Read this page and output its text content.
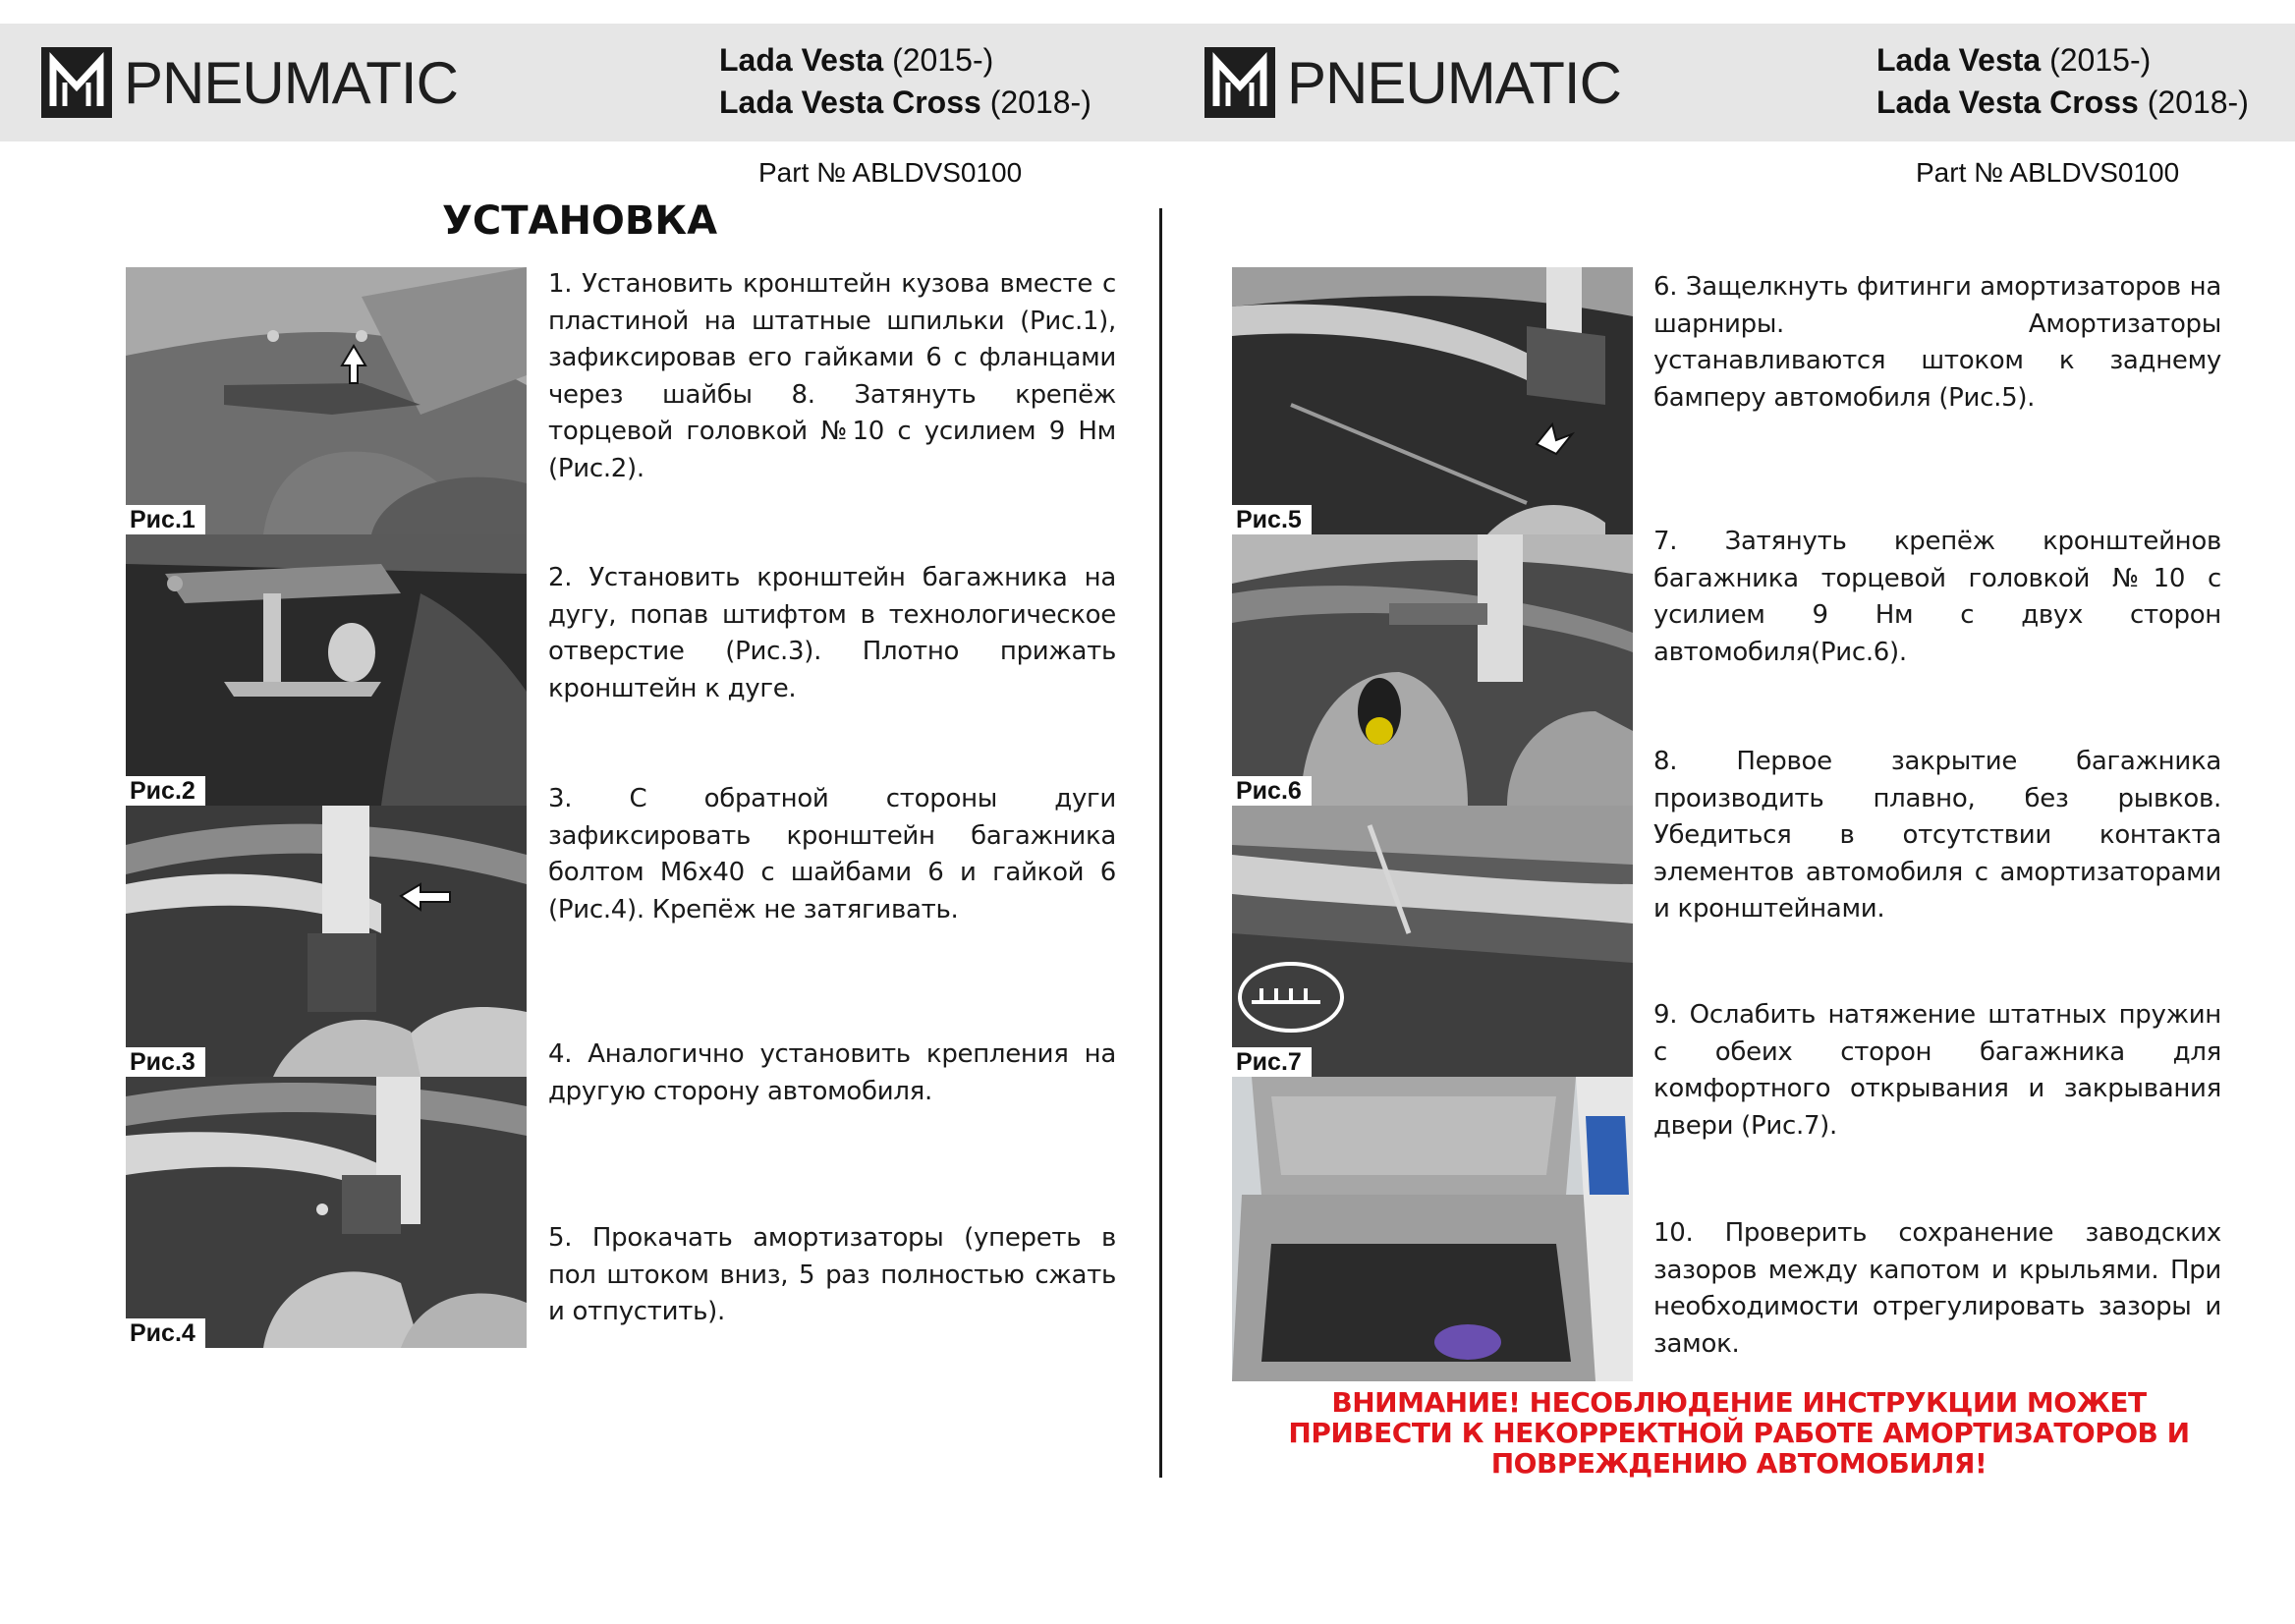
PNEUMATIC	Lada Vesta (2015-)
Lada Vesta Cross (2018-)
Part № ABLDVS0100
PNEUMATIC	Lada Vesta (2015-)
Lada Vesta Cross (2018-)
Part № ABLDVS0100
УСТАНОВКА
Рис.1
Рис.2
Рис.3
Рис.4
1. Установить кронштейн кузова вместе с пластиной на штатные шпильки (Рис.1), зафиксировав его гайками 6 с фланцами через шайбы 8. Затянуть крепёж торцевой головкой №10 с усилием 9 Нм (Рис.2).
2. Установить кронштейн багажника на дугу, попав штифтом в технологическое отверстие (Рис.3). Плотно прижать кронштейн к дуге.
3. С обратной стороны дуги зафиксировать кронштейн багажника болтом М6х40 с шайбами 6 и гайкой 6 (Рис.4). Крепёж не затягивать.
4. Аналогично установить крепления на другую сторону автомобиля.
5. Прокачать амортизаторы (упереть в пол штоком вниз, 5 раз полностью сжать и отпустить).
Рис.5
Рис.6
Рис.7
6. Защелкнуть фитинги амортизаторов на шарниры. Амортизаторы устанавливаются штоком к заднему бамперу автомобиля (Рис.5).
7. Затянуть крепёж кронштейнов багажника торцевой головкой №10 с усилием 9 Нм с двух сторон автомобиля(Рис.6).
8. Первое закрытие багажника производить плавно, без рывков. Убедиться в отсутствии контакта элементов автомобиля с амортизаторами и кронштейнами.
9. Ослабить натяжение штатных пружин с обеих сторон багажника для комфортного открывания и закрывания двери (Рис.7).
10. Проверить сохранение заводских зазоров между капотом и крыльями. При необходимости отрегулировать зазоры и замок.
ВНИМАНИЕ! НЕСОБЛЮДЕНИЕ ИНСТРУКЦИИ МОЖЕТ ПРИВЕСТИ К НЕКОРРЕКТНОЙ РАБОТЕ АМОРТИЗАТОРОВ И ПОВРЕЖДЕНИЮ АВТОМОБИЛЯ!
